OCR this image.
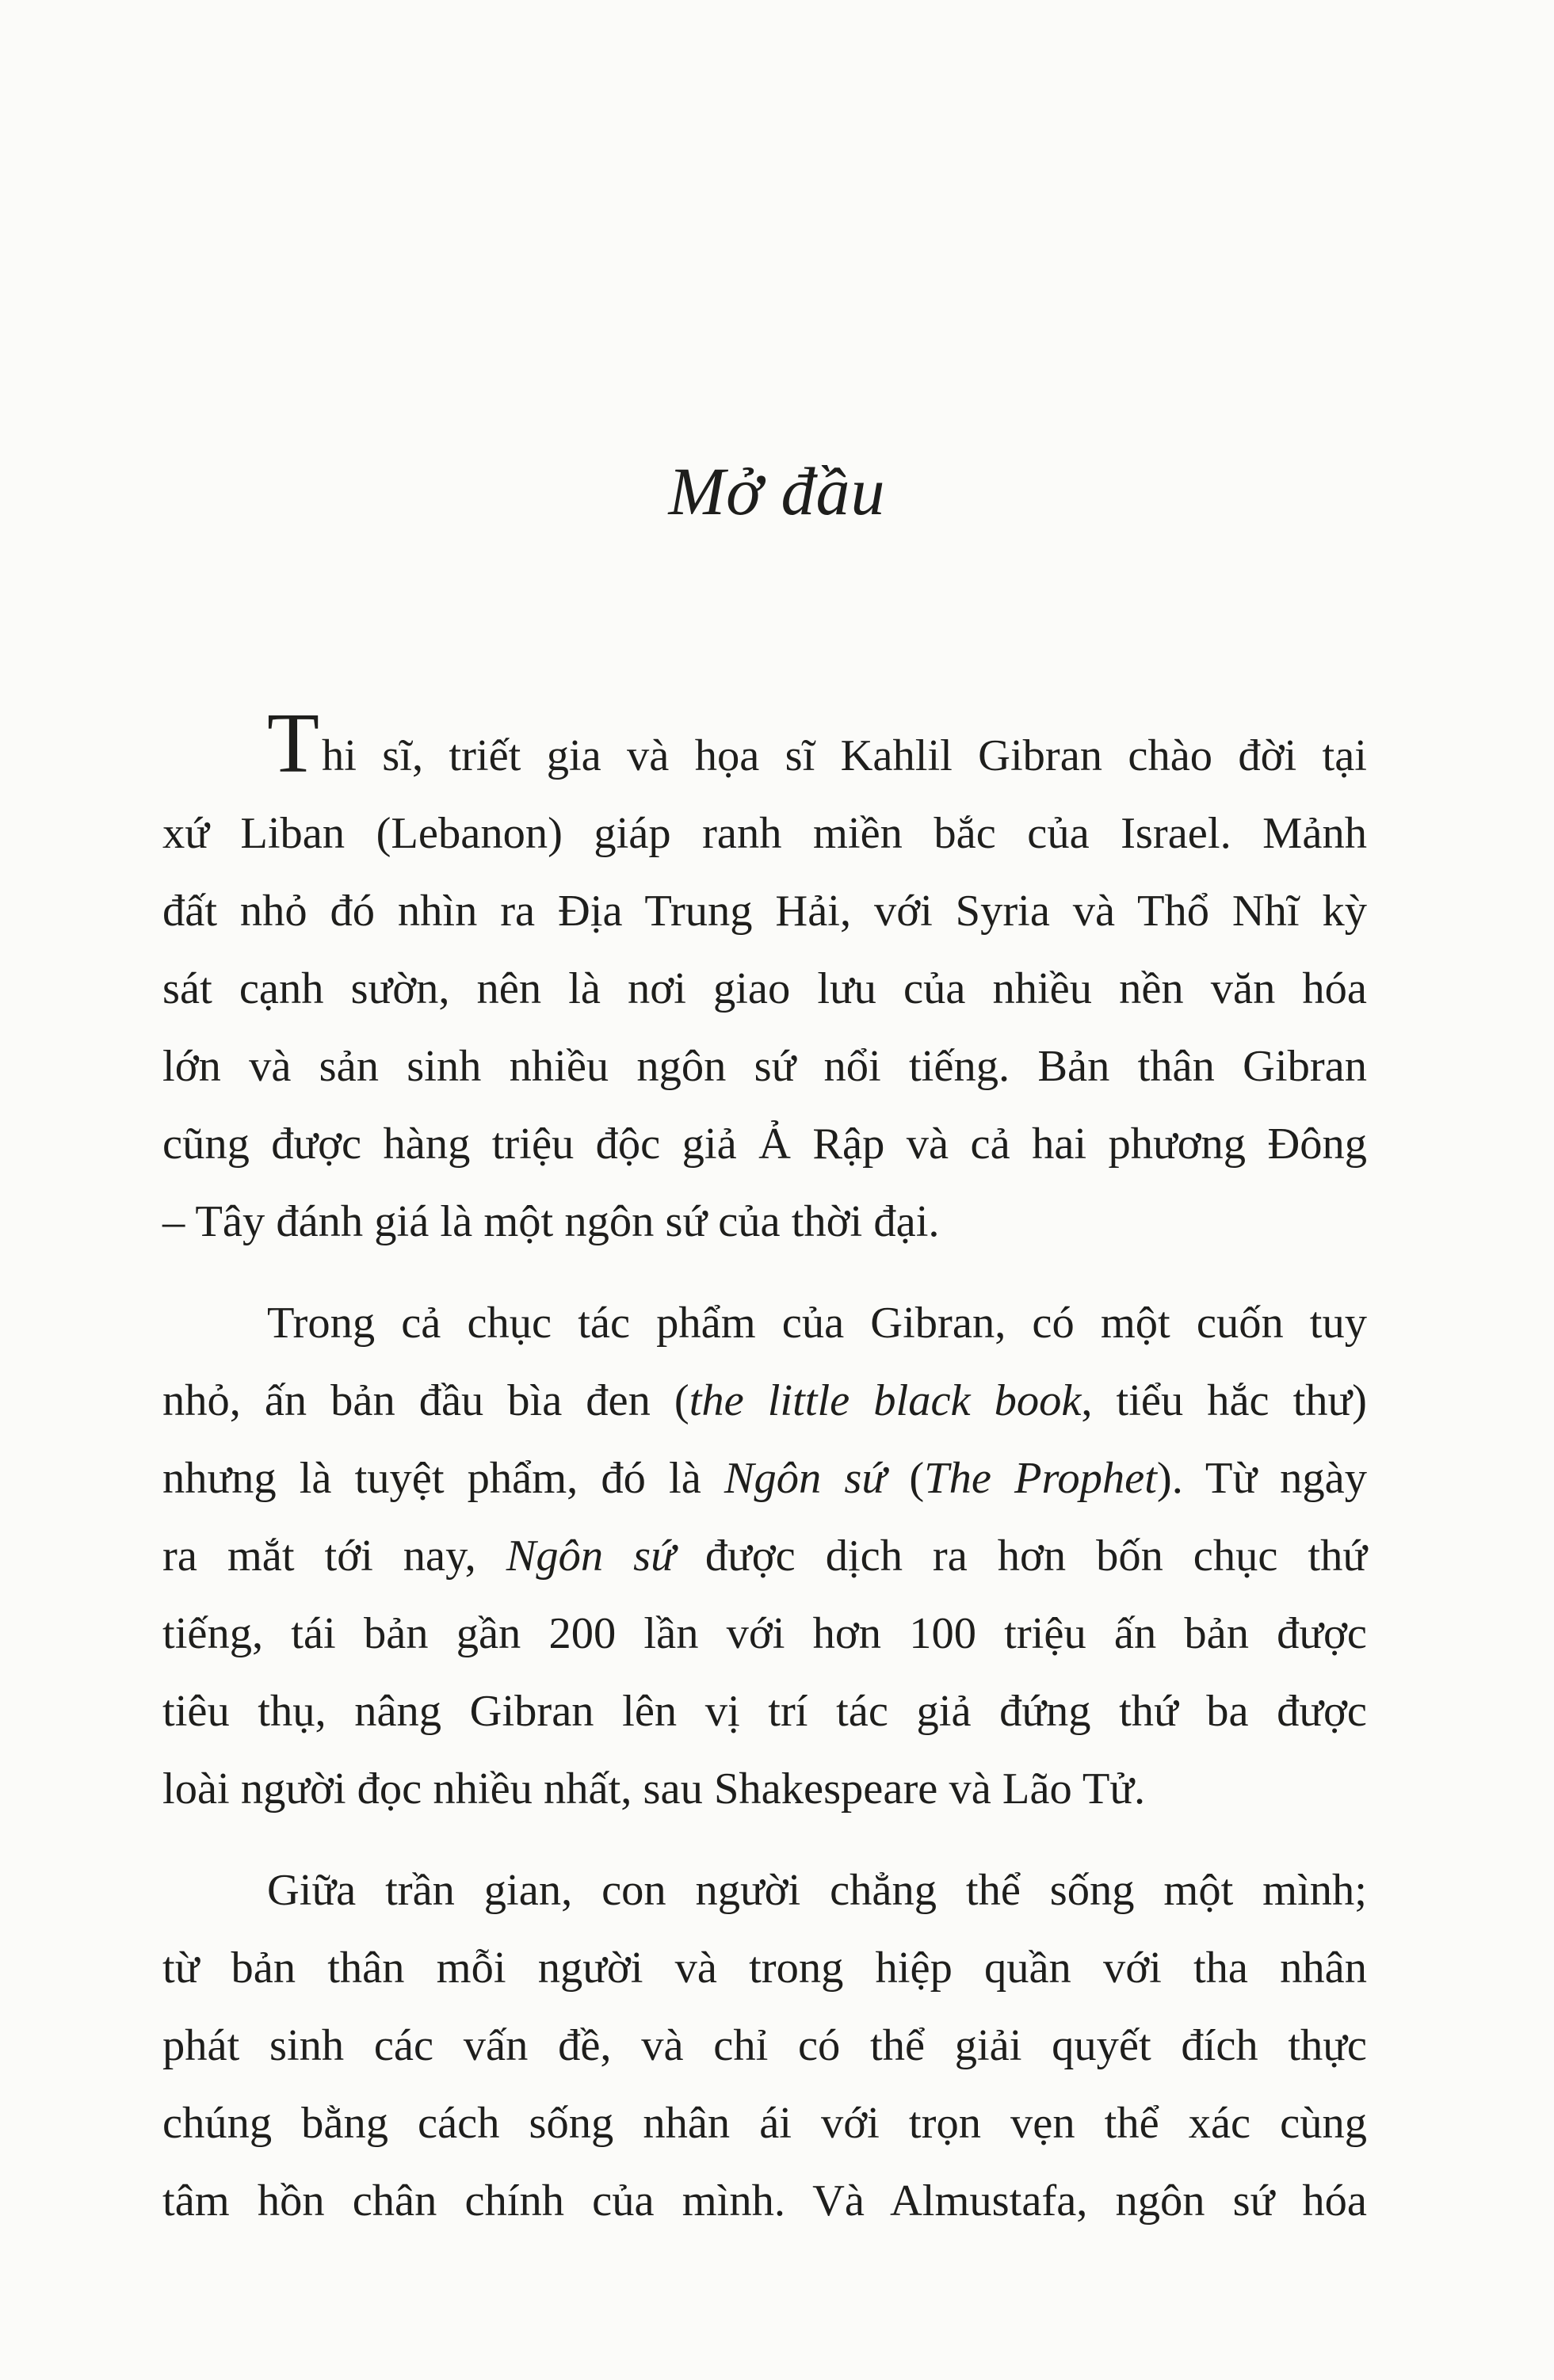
Mở đầu
Thi sĩ, triết gia và họa sĩ Kahlil Gibran chào đời tại
xứ Liban (Lebanon) giáp ranh miền bắc của Israel. Mảnh
đất nhỏ đó nhìn ra Địa Trung Hải, với Syria và Thổ Nhĩ kỳ
sát cạnh sườn, nên là nơi giao lưu của nhiều nền văn hóa
lớn và sản sinh nhiều ngôn sứ nổi tiếng. Bản thân Gibran
cũng được hàng triệu độc giả Ả Rập và cả hai phương Đông
– Tây đánh giá là một ngôn sứ của thời đại.
Trong cả chục tác phẩm của Gibran, có một cuốn tuy
nhỏ, ấn bản đầu bìa đen (the little black book, tiểu hắc thư)
nhưng là tuyệt phẩm, đó là Ngôn sứ (The Prophet). Từ ngày
ra mắt tới nay, Ngôn sứ được dịch ra hơn bốn chục thứ
tiếng, tái bản gần 200 lần với hơn 100 triệu ấn bản được
tiêu thụ, nâng Gibran lên vị trí tác giả đứng thứ ba được
loài người đọc nhiều nhất, sau Shakespeare và Lão Tử.
Giữa trần gian, con người chẳng thể sống một mình;
từ bản thân mỗi người và trong hiệp quần với tha nhân
phát sinh các vấn đề, và chỉ có thể giải quyết đích thực
chúng bằng cách sống nhân ái với trọn vẹn thể xác cùng
tâm hồn chân chính của mình. Và Almustafa, ngôn sứ hóa
